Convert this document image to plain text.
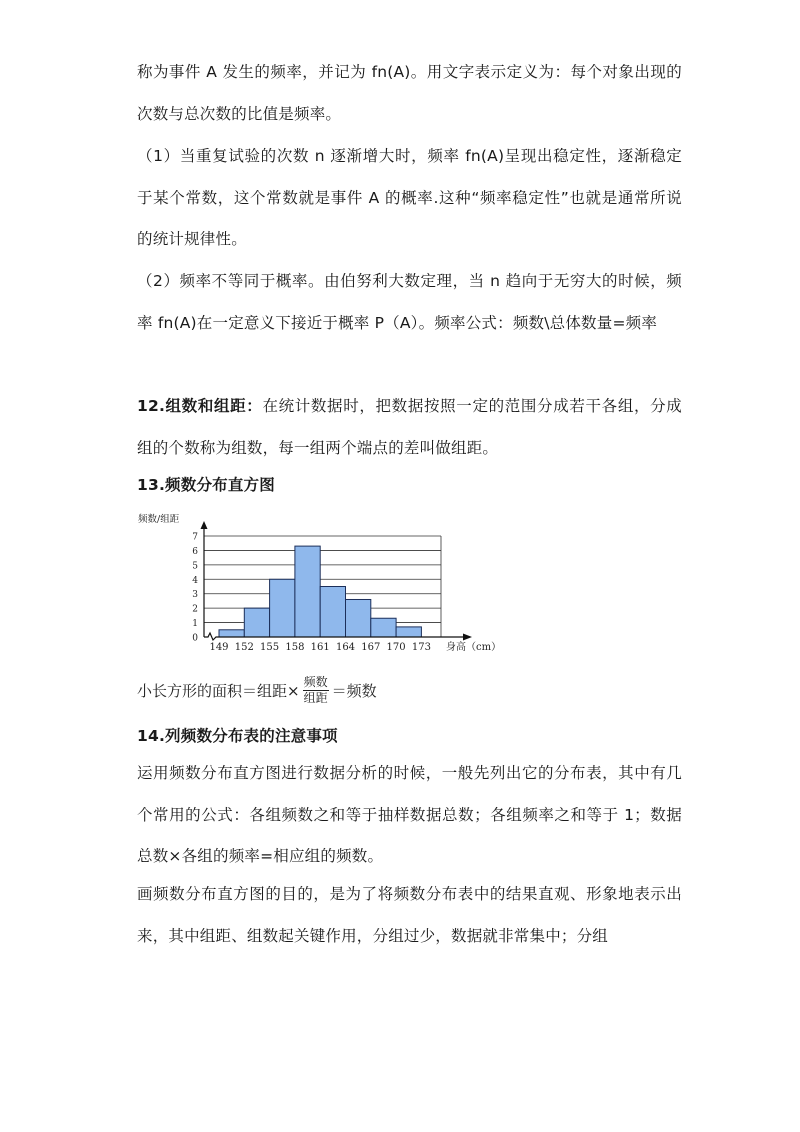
称为事件 A 发生的频率，并记为 fn(A)。用文字表示定义为：每个对象出现的次数与总次数的比值是频率。

（1）当重复试验的次数 n 逐渐增大时，频率 fn(A)呈现出稳定性，逐渐稳定于某个常数，这个常数就是事件 A 的概率.这种“频率稳定性”也就是通常所说的统计规律性。

（2）频率不等同于概率。由伯努利大数定理，当 n 趋向于无穷大的时候，频率 fn(A)在一定意义下接近于概率 P（A）。频率公式：频数\总体数量=频率

12.组数和组距：在统计数据时，把数据按照一定的范围分成若干各组，分成组的个数称为组数，每一组两个端点的差叫做组距。

13.频数分布直方图

0
1
2
3
4
5
6
7
149 152 155 158 161 164 167 170 173
频数/组距
身高（cm）
小长方形的面积＝组距× $\frac{\text{频数}}{\text{组距}}$ ＝频数

14.列频数分布表的注意事项

运用频数分布直方图进行数据分析的时候，一般先列出它的分布表，其中有几个常用的公式：各组频数之和等于抽样数据总数；各组频率之和等于 1；数据总数×各组的频率=相应组的频数。

画频数分布直方图的目的，是为了将频数分布表中的结果直观、形象地表示出来，其中组距、组数起关键作用，分组过少，数据就非常集中；分组
